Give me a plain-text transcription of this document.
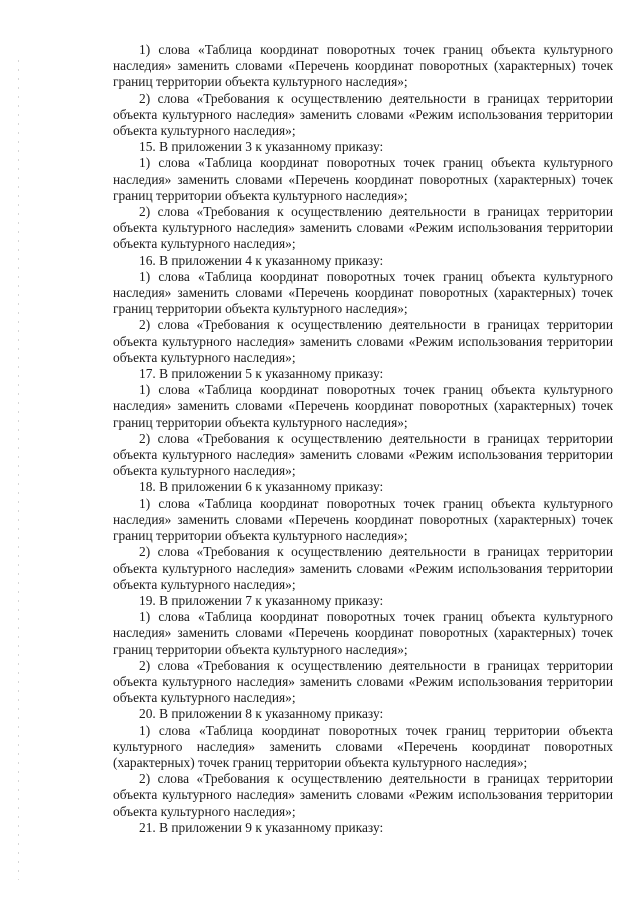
1) слова «Таблица координат поворотных точек границ объекта культурного наследия» заменить словами «Перечень координат поворотных (характерных) точек границ территории объекта культурного наследия»;

2) слова «Требования к осуществлению деятельности в границах территории объекта культурного наследия» заменить словами «Режим использования территории объекта культурного наследия»;

15. В приложении 3 к указанному приказу:

1) слова «Таблица координат поворотных точек границ объекта культурного наследия» заменить словами «Перечень координат поворотных (характерных) точек границ территории объекта культурного наследия»;

2) слова «Требования к осуществлению деятельности в границах территории объекта культурного наследия» заменить словами «Режим использования территории объекта культурного наследия»;

16. В приложении 4 к указанному приказу:

1) слова «Таблица координат поворотных точек границ объекта культурного наследия» заменить словами «Перечень координат поворотных (характерных) точек границ территории объекта культурного наследия»;

2) слова «Требования к осуществлению деятельности в границах территории объекта культурного наследия» заменить словами «Режим использования территории объекта культурного наследия»;

17. В приложении 5 к указанному приказу:

1) слова «Таблица координат поворотных точек границ объекта культурного наследия» заменить словами «Перечень координат поворотных (характерных) точек границ территории объекта культурного наследия»;

2) слова «Требования к осуществлению деятельности в границах территории объекта культурного наследия» заменить словами «Режим использования территории объекта культурного наследия»;

18. В приложении 6 к указанному приказу:

1) слова «Таблица координат поворотных точек границ объекта культурного наследия» заменить словами «Перечень координат поворотных (характерных) точек границ территории объекта культурного наследия»;

2) слова «Требования к осуществлению деятельности в границах территории объекта культурного наследия» заменить словами «Режим использования территории объекта культурного наследия»;

19. В приложении 7 к указанному приказу:

1) слова «Таблица координат поворотных точек границ объекта культурного наследия» заменить словами «Перечень координат поворотных (характерных) точек границ территории объекта культурного наследия»;

2) слова «Требования к осуществлению деятельности в границах территории объекта культурного наследия» заменить словами «Режим использования территории объекта культурного наследия»;

20. В приложении 8 к указанному приказу:

1) слова «Таблица координат поворотных точек границ территории объекта культурного наследия» заменить словами «Перечень координат поворотных (характерных) точек границ территории объекта культурного наследия»;

2) слова «Требования к осуществлению деятельности в границах территории объекта культурного наследия» заменить словами «Режим использования территории объекта культурного наследия»;

21. В приложении 9 к указанному приказу:
